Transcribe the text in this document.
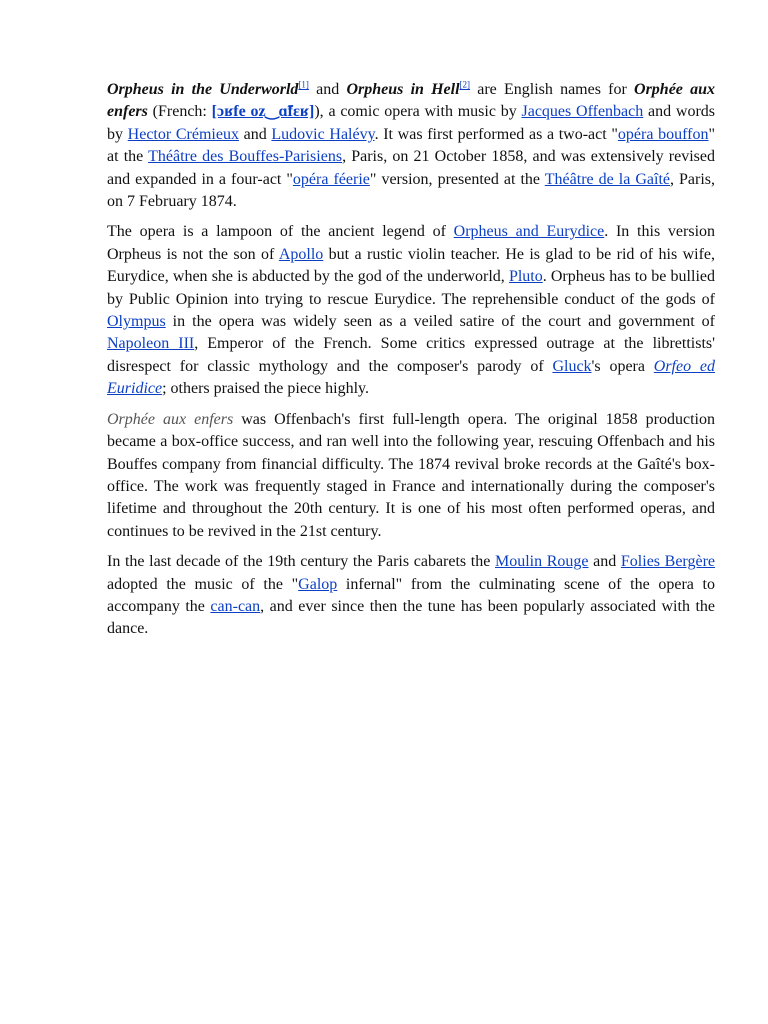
Orpheus in the Underworld[1] and Orpheus in Hell[2] are English names for Orphée aux enfers (French: [ɔʁfe oz‿ɑ̃fɛʁ]), a comic opera with music by Jacques Offenbach and words by Hector Crémieux and Ludovic Halévy. It was first performed as a two-act "opéra bouffon" at the Théâtre des Bouffes-Parisiens, Paris, on 21 October 1858, and was extensively revised and expanded in a four-act "opéra féerie" version, presented at the Théâtre de la Gaîté, Paris, on 7 February 1874.

The opera is a lampoon of the ancient legend of Orpheus and Eurydice. In this version Orpheus is not the son of Apollo but a rustic violin teacher. He is glad to be rid of his wife, Eurydice, when she is abducted by the god of the underworld, Pluto. Orpheus has to be bullied by Public Opinion into trying to rescue Eurydice. The reprehensible conduct of the gods of Olympus in the opera was widely seen as a veiled satire of the court and government of Napoleon III, Emperor of the French. Some critics expressed outrage at the librettists' disrespect for classic mythology and the composer's parody of Gluck's opera Orfeo ed Euridice; others praised the piece highly.

Orphée aux enfers was Offenbach's first full-length opera. The original 1858 production became a box-office success, and ran well into the following year, rescuing Offenbach and his Bouffes company from financial difficulty. The 1874 revival broke records at the Gaîté's box-office. The work was frequently staged in France and internationally during the composer's lifetime and throughout the 20th century. It is one of his most often performed operas, and continues to be revived in the 21st century.

In the last decade of the 19th century the Paris cabarets the Moulin Rouge and Folies Bergère adopted the music of the "Galop infernal" from the culminating scene of the opera to accompany the can-can, and ever since then the tune has been popularly associated with the dance.
